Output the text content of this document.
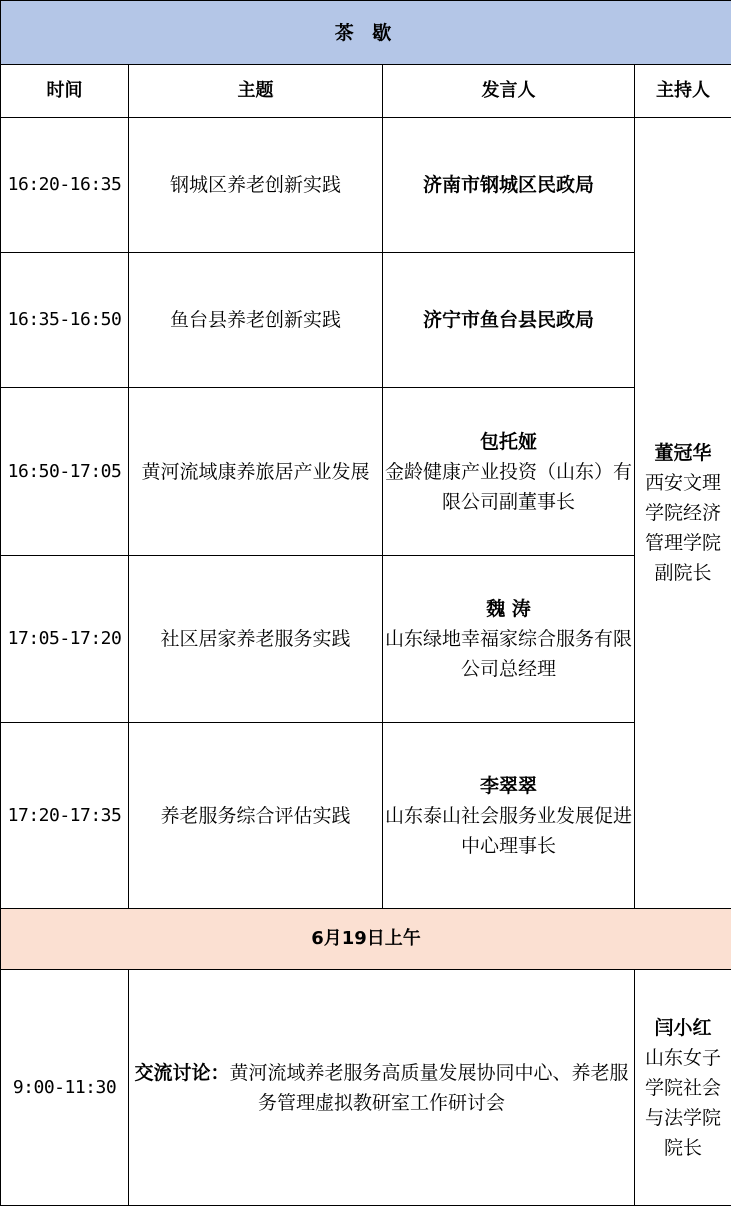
茶 歇			
时间	主题	发言人	主持人
16:20-16:35	钢城区养老创新实践	济南市钢城区民政局	董冠华
西安文理学院经济管理学院副院长

16:35-16:50	鱼台县养老创新实践	济宁市鱼台县民政局	
16:50-17:05	黄河流域康养旅居产业发展	包托娅
金龄健康产业投资（山东）有限公司副董事长	

17:05-17:20	社区居家养老服务实践	魏 涛
山东绿地幸福家综合服务有限公司总经理	

17:20-17:35	养老服务综合评估实践	李翠翠
山东泰山社会服务业发展促进中心理事长	

6月19日上午			
9:00-11:30	交流讨论：黄河流域养老服务高质量发展协同中心、养老服务管理虚拟教研室工作研讨会		闫小红
山东女子学院社会与法学院院长
